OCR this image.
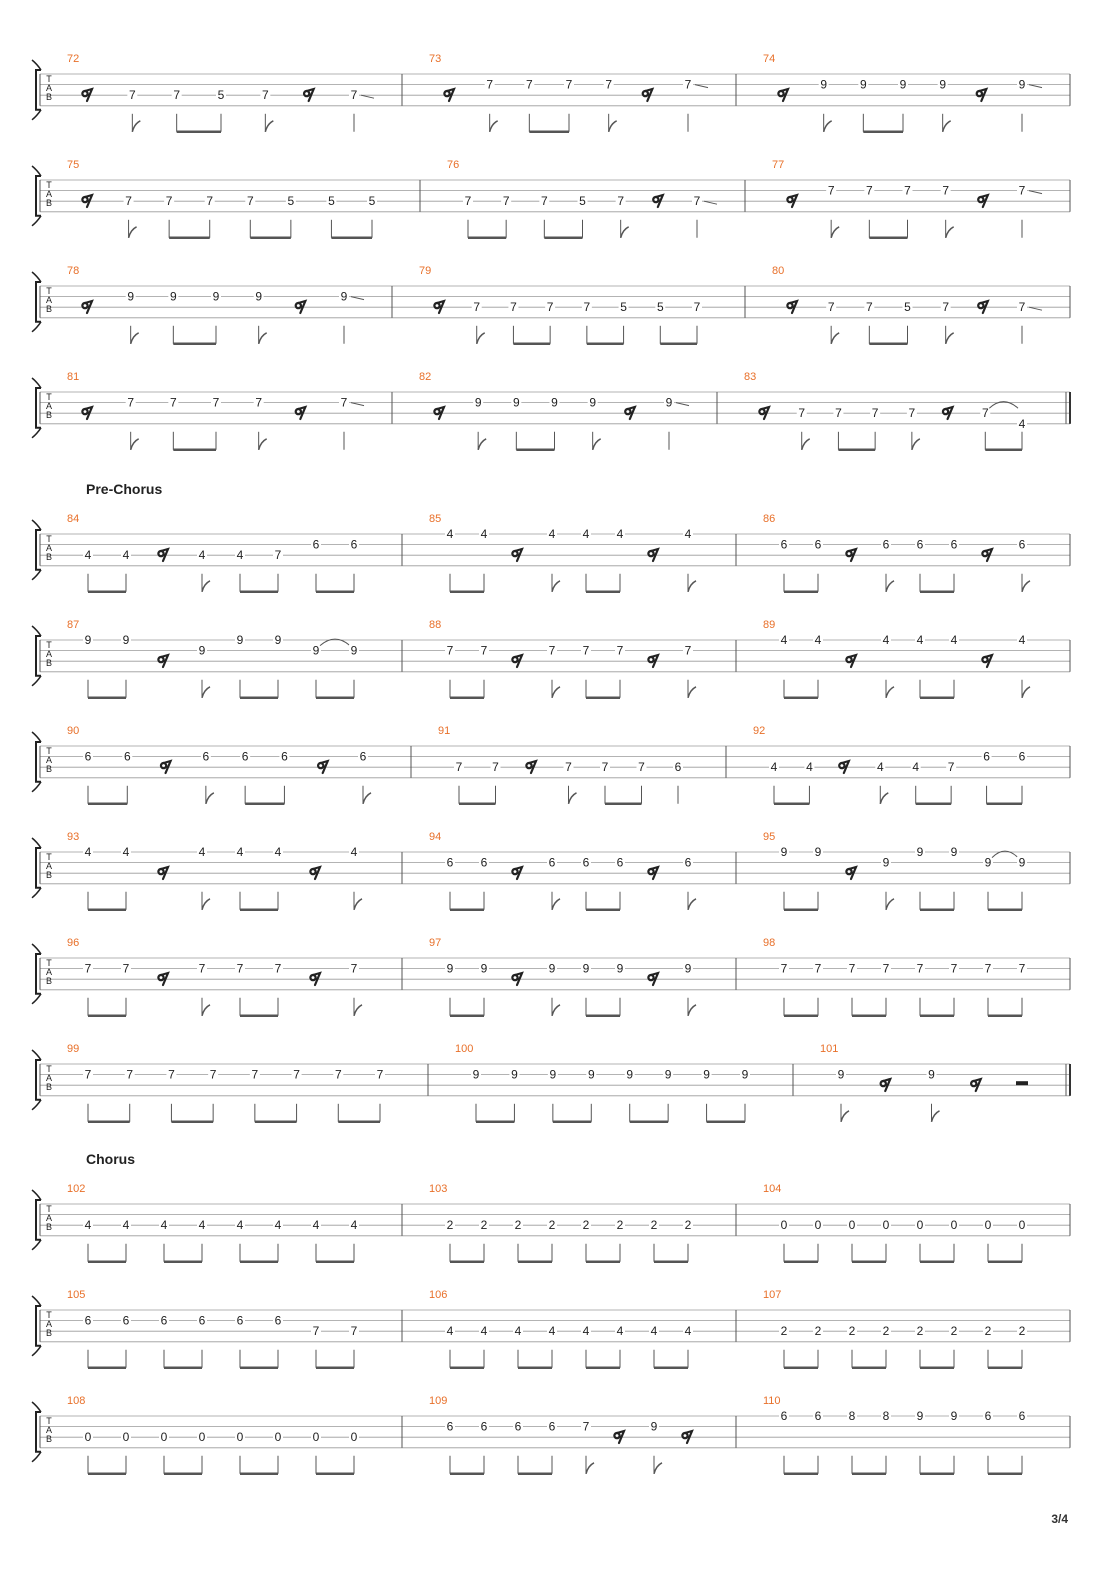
T
A
B
72
7	7	5	7	7
73
7	7	7	7	7
74
9	9	9	9	9
T
A
B
75
7	7	7	7	5	5	5
76
7	7	7	5	7	7
77
7	7	7	7	7
T
A
B
78
9	9	9	9	9
79
7	7	7	7	5	5	7
80
7	7	5	7	7
T
A
B
81
7	7	7	7	7
82
9	9	9	9	9
83
7	7	7	7	7
4
Pre-Chorus
T
A
B
84
4	4	4	4	7
6	6
85
4 4	4 4 4	4
86
6 6	6 6 6	6
T
A
B
87
9	9
9
9	9
9	9
88
7 7	7 7 7	7
89
4 4	4 4 4	4
T
A
B
90
6	6	6	6	6	6
91
7 7	7 7 7 6
92
4 4	4 4 7
6 6
T
A
B
93
4	4	4	4	4	4
94
6 6	6 6 6	6
95
9 9
9
9 9
9 9
T
A
B
96
7	7	7	7	7	7
97
9 9	9 9 9	9
98
7 7 7 7 7 7 7 7
T
A
B
99
7	7	7	7	7	7	7	7
100
9	9	9	9	9	9	9	9
101
9	9
Chorus
T
A
B
102
4	4	4	4	4	4	4	4
103
2 2 2 2 2 2 2 2
104
0 0 0 0 0 0 0 0
T
A
B
105
6	6	6	6	6	6
7	7
106
4 4 4 4 4 4 4 4
107
2 2 2 2 2 2 2 2
T
A
B
108
0	0	0	0	0	0	0	0
109
6 6 6 6 7	9
110
6 6 8 8 9 9 6 6
3/4
